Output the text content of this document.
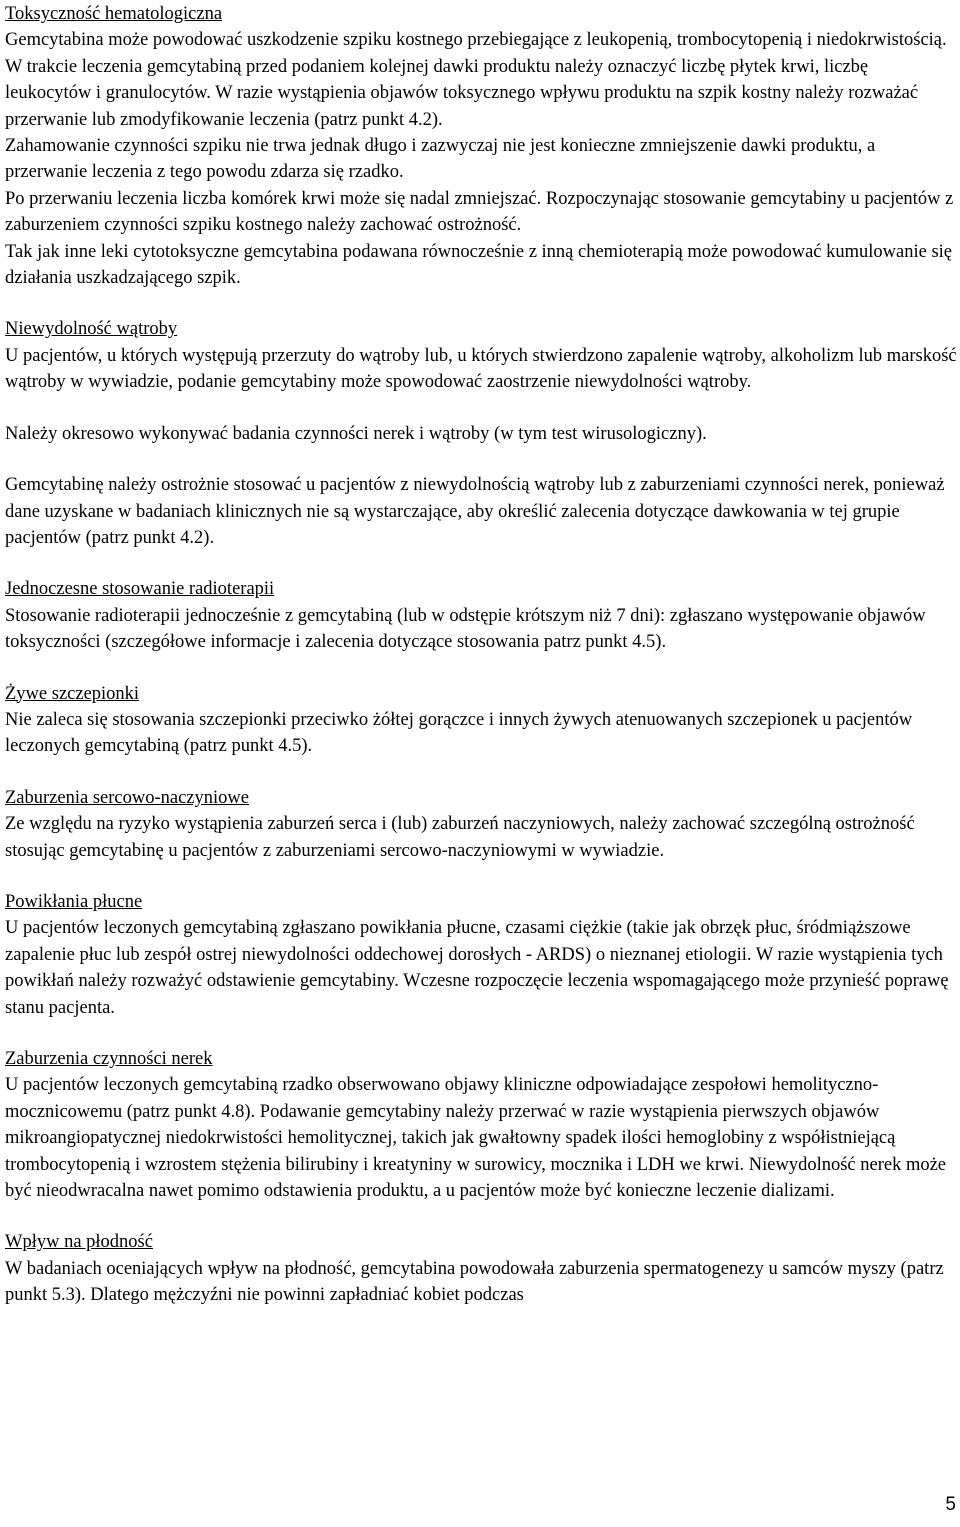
Toksyczność hematologiczna

Gemcytabina może powodować uszkodzenie szpiku kostnego przebiegające z leukopenią, trombocytopenią i niedokrwistością.

W trakcie leczenia gemcytabiną przed podaniem kolejnej dawki produktu należy oznaczyć liczbę płytek krwi, liczbę leukocytów i granulocytów. W razie wystąpienia objawów toksycznego wpływu produktu na szpik kostny należy rozważać przerwanie lub zmodyfikowanie leczenia (patrz punkt 4.2).

Zahamowanie czynności szpiku nie trwa jednak długo i zazwyczaj nie jest konieczne zmniejszenie dawki produktu, a przerwanie leczenia z tego powodu zdarza się rzadko.

Po przerwaniu leczenia liczba komórek krwi może się nadal zmniejszać. Rozpoczynając stosowanie gemcytabiny u pacjentów z zaburzeniem czynności szpiku kostnego należy zachować ostrożność.

Tak jak inne leki cytotoksyczne gemcytabina podawana równocześnie z inną chemioterapią może powodować kumulowanie się działania uszkadzającego szpik.

Niewydolność wątroby

U pacjentów, u których występują przerzuty do wątroby lub, u których stwierdzono zapalenie wątroby, alkoholizm lub marskość wątroby w wywiadzie, podanie gemcytabiny może spowodować zaostrzenie niewydolności wątroby.

Należy okresowo wykonywać badania czynności nerek i wątroby (w tym test wirusologiczny).

Gemcytabinę należy ostrożnie stosować u pacjentów z niewydolnością wątroby lub z zaburzeniami czynności nerek, ponieważ dane uzyskane w badaniach klinicznych nie są wystarczające, aby określić zalecenia dotyczące dawkowania w tej grupie pacjentów (patrz punkt 4.2).

Jednoczesne stosowanie radioterapii

Stosowanie radioterapii jednocześnie z gemcytabiną (lub w odstępie krótszym niż 7 dni): zgłaszano występowanie objawów toksyczności (szczegółowe informacje i zalecenia dotyczące stosowania patrz punkt 4.5).

Żywe szczepionki

Nie zaleca się stosowania szczepionki przeciwko żółtej gorączce i innych żywych atenuowanych szczepionek u pacjentów leczonych gemcytabiną (patrz punkt 4.5).

Zaburzenia sercowo-naczyniowe

Ze względu na ryzyko wystąpienia zaburzeń serca i (lub) zaburzeń naczyniowych, należy zachować szczególną ostrożność stosując gemcytabinę u pacjentów z zaburzeniami sercowo-naczyniowymi w wywiadzie.

Powikłania płucne

U pacjentów leczonych gemcytabiną zgłaszano powikłania płucne, czasami ciężkie (takie jak obrzęk płuc, śródmiąższowe zapalenie płuc lub zespół ostrej niewydolności oddechowej dorosłych - ARDS) o nieznanej etiologii. W razie wystąpienia tych powikłań należy rozważyć odstawienie gemcytabiny. Wczesne rozpoczęcie leczenia wspomagającego może przynieść poprawę stanu pacjenta.

Zaburzenia czynności nerek

U pacjentów leczonych gemcytabiną rzadko obserwowano objawy kliniczne odpowiadające zespołowi hemolityczno-mocznicowemu (patrz punkt 4.8). Podawanie gemcytabiny należy przerwać w razie wystąpienia pierwszych objawów mikroangiopatycznej niedokrwistości hemolitycznej, takich jak gwałtowny spadek ilości hemoglobiny z współistniejącą trombocytopenią i wzrostem stężenia bilirubiny i kreatyniny w surowicy, mocznika i LDH we krwi. Niewydolność nerek może być nieodwracalna nawet pomimo odstawienia produktu, a u pacjentów może być konieczne leczenie dializami.

Wpływ na płodność

W badaniach oceniających wpływ na płodność, gemcytabina powodowała zaburzenia spermatogenezy u samców myszy (patrz punkt 5.3). Dlatego mężczyźni nie powinni zapładniać kobiet podczas

5
